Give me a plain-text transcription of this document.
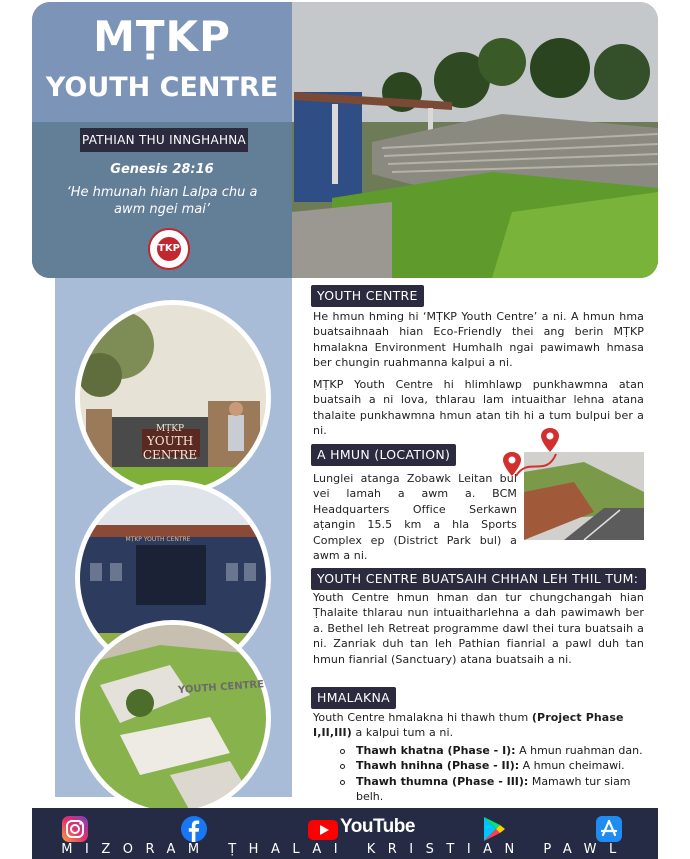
MṬKP
YOUTH CENTRE
PATHIAN THU INNGHAHNA
Genesis 28:16
‘He hmunah hian Lalpa chu a awm ngei mai’
TKP
MṬKP
YOUTH
CENTRE
MṬKP YOUTH CENTRE
YOUTH CENTRE
YOUTH CENTRE
He hmun hming hi ‘MṬKP Youth Centre’ a ni. A hmun hma buatsaihnaah hian Eco-Friendly thei ang berin MṬKP hmalakna Environment Humhalh ngai pawimawh hmasa ber chungin ruahmanna kalpui a ni.
MṬKP Youth Centre hi hlimhlawp punkhawmna atan buatsaih a ni lova, thlarau lam intuaithar lehna atana thalaite punkhawmna hmun atan tih hi a tum bulpui ber a ni.
A HMUN (LOCATION)
Lunglei atanga Zobawk Leitan bul vei lamah a awm a. BCM Headquarters Office Serkawn aṭangin 15.5 km a hla Sports Complex ep (District Park bul) a awm a ni.
YOUTH CENTRE BUATSAIH CHHAN LEH THIL TUM:
Youth Centre hmun hman dan tur chungchangah hian Ṭhalaite thlarau nun intuaitharlehna a dah pawimawh ber a. Bethel leh Retreat programme dawl thei tura buatsaih a ni. Zanriak duh tan leh Pathian fianrial a pawl duh tan hmun fianrial (Sanctuary) atana buatsaih a ni.
HMALAKNA
Youth Centre hmalakna hi thawh thum (Project Phase I,II,III) a kalpui tum a ni.
Thawh khatna (Phase - I): A hmun ruahman dan.
Thawh hnihna (Phase - II): A hmun cheimawi.
Thawh thumna (Phase - III): Mamawh tur siam belh.
YouTube
MIZORAM ṬHALAI KRISTIAN PAWL
